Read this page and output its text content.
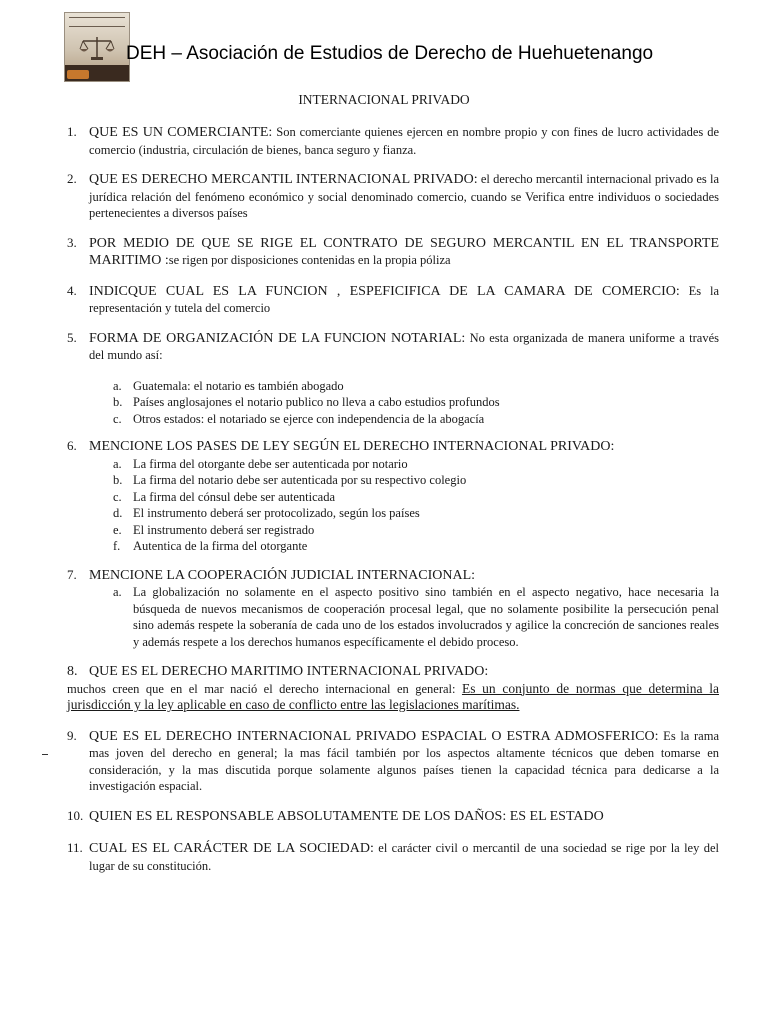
DEH – Asociación de Estudios de Derecho de Huehuetenango
INTERNACIONAL PRIVADO
1. QUE ES UN COMERCIANTE: Son comerciante quienes ejercen en nombre propio y con fines de lucro actividades de comercio (industria, circulación de bienes, banca seguro y fianza.
2. QUE ES DERECHO MERCANTIL INTERNACIONAL PRIVADO: el derecho mercantil internacional privado es la jurídica relación del fenómeno económico y social denominado comercio, cuando se Verifica entre individuos o sociedades pertenecientes a diversos países
3. POR MEDIO DE QUE SE RIGE EL CONTRATO DE SEGURO MERCANTIL EN EL TRANSPORTE MARITIMO :se rigen por disposiciones contenidas en la propia póliza
4. INDICQUE CUAL ES LA FUNCION , ESPEFICIFICA DE LA CAMARA DE COMERCIO: Es la representación y tutela del comercio
5. FORMA DE ORGANIZACIÓN DE LA FUNCION NOTARIAL: No esta organizada de manera uniforme a través del mundo así:
a. Guatemala: el notario es también abogado
b. Países anglosajones el notario publico no lleva a cabo estudios profundos
c. Otros estados: el notariado se ejerce con independencia de la abogacía
6. MENCIONE LOS PASES DE LEY SEGÚN EL DERECHO INTERNACIONAL PRIVADO:
a. La firma del otorgante debe ser autenticada por notario
b. La firma del notario debe ser autenticada por su respectivo colegio
c. La firma del cónsul debe ser autenticada
d. El instrumento deberá ser protocolizado, según los países
e. El instrumento deberá ser registrado
f. Autentica de la firma del otorgante
7. MENCIONE LA COOPERACIÓN JUDICIAL INTERNACIONAL:
a. La globalización no solamente en el aspecto positivo sino también en el aspecto negativo, hace necesaria la búsqueda de nuevos mecanismos de cooperación procesal legal, que no solamente posibilite la persecución penal sino además respete la soberanía de cada uno de los estados involucrados y agilice la concreción de sanciones reales y además respete a los derechos humanos específicamente el debido proceso.
8. QUE ES EL DERECHO MARITIMO INTERNACIONAL PRIVADO:
muchos creen que en el mar nació el derecho internacional en general: Es un conjunto de normas que determina la jurisdicción y la ley aplicable en caso de conflicto entre las legislaciones marítimas.
9. QUE ES EL DERECHO INTERNACIONAL PRIVADO ESPACIAL O ESTRA ADMOSFERICO: Es la rama mas joven del derecho en general; la mas fácil también por los aspectos altamente técnicos que deben tomarse en consideración, y la mas discutida porque solamente algunos países tienen la capacidad técnica para dedicarse a la investigación espacial.
10. QUIEN ES EL RESPONSABLE ABSOLUTAMENTE DE LOS DAÑOS: ES EL ESTADO
11. CUAL ES EL CARÁCTER DE LA SOCIEDAD: el carácter civil o mercantil de una sociedad se rige por la ley del lugar de su constitución.
